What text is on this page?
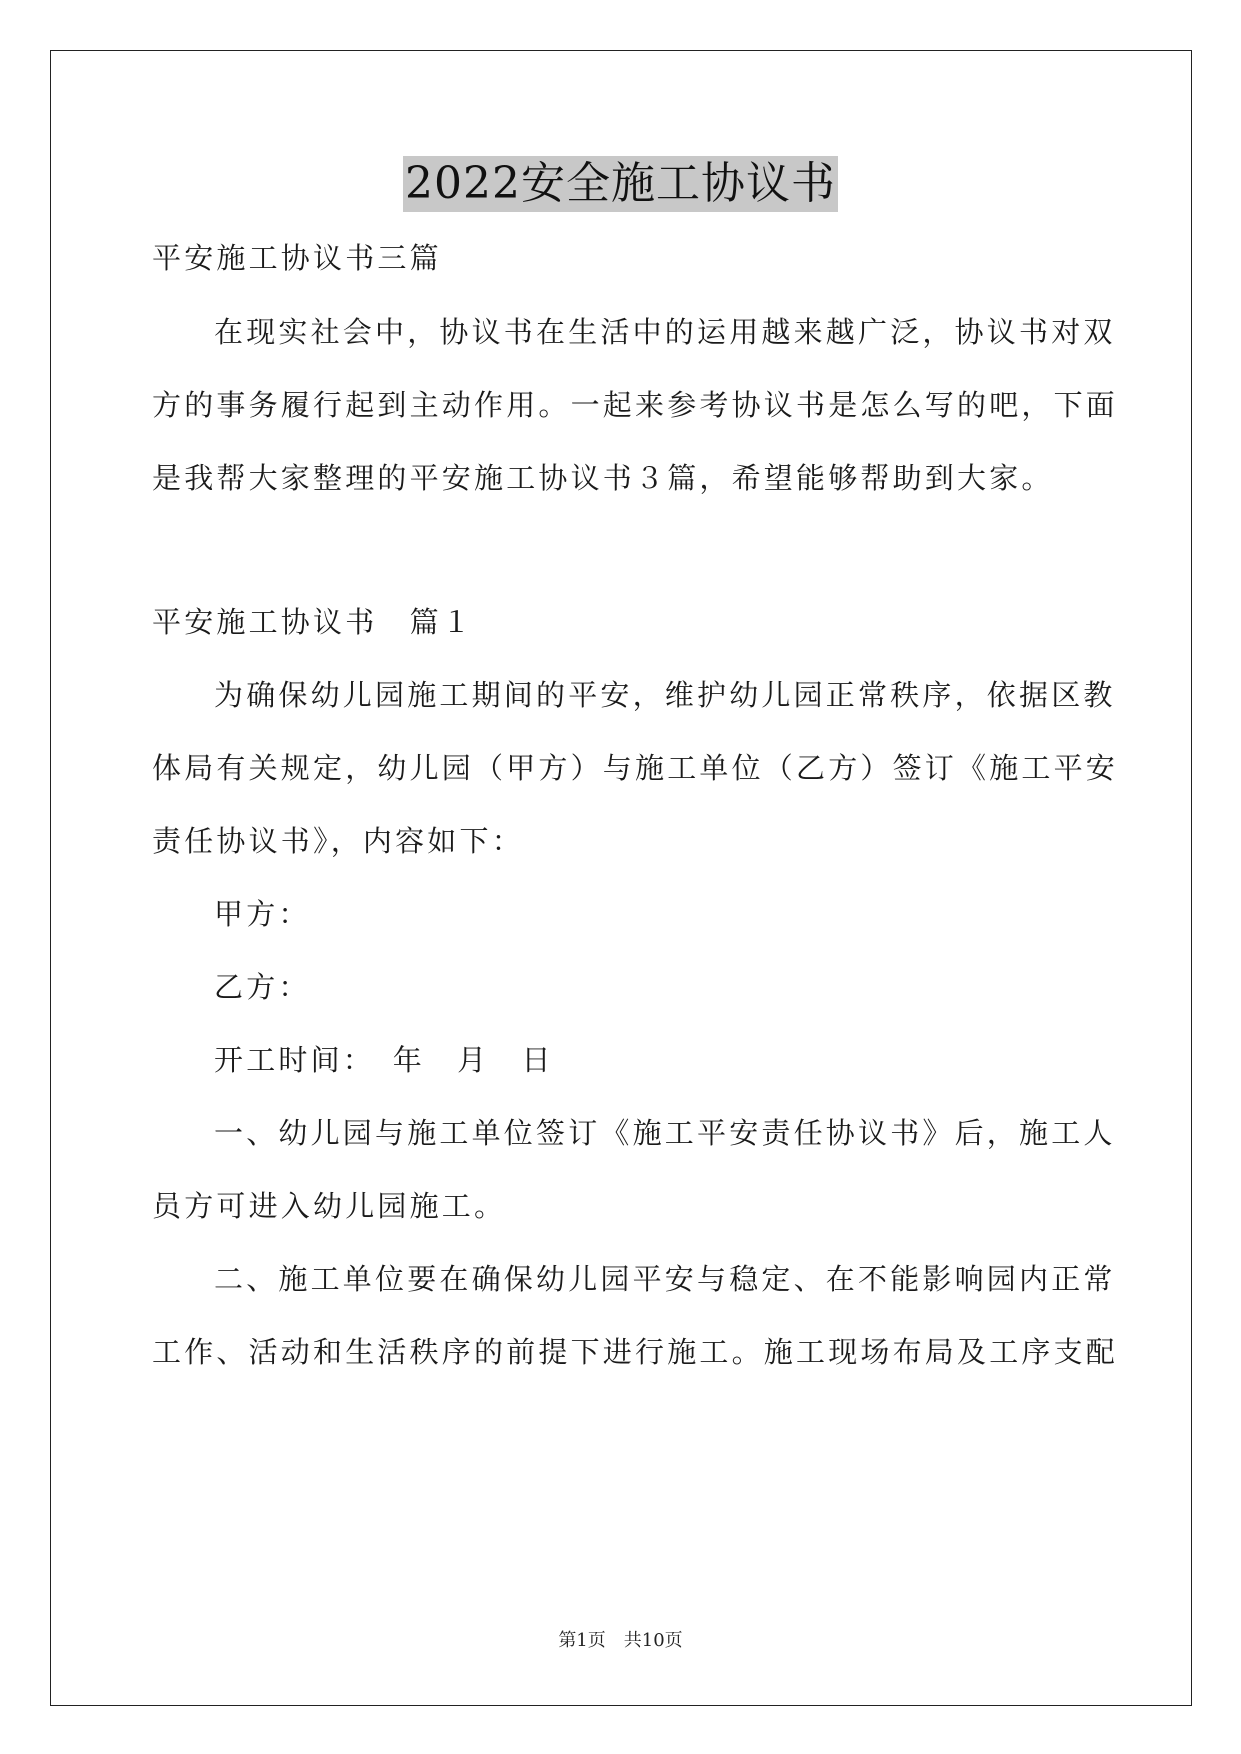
2022安全施工协议书
平安施工协议书三篇
在现实社会中，协议书在生活中的运用越来越广泛，协议书对双
方的事务履行起到主动作用。一起来参考协议书是怎么写的吧，下面
是我帮大家整理的平安施工协议书３篇，希望能够帮助到大家。
平安施工协议书　篇１
为确保幼儿园施工期间的平安，维护幼儿园正常秩序，依据区教
体局有关规定，幼儿园（甲方）与施工单位（乙方）签订《施工平安
责任协议书》，内容如下：
甲方：
乙方：
开工时间：　年　月　日
一、幼儿园与施工单位签订《施工平安责任协议书》后，施工人
员方可进入幼儿园施工。
二、施工单位要在确保幼儿园平安与稳定、在不能影响园内正常
工作、活动和生活秩序的前提下进行施工。施工现场布局及工序支配
第1页　共10页
